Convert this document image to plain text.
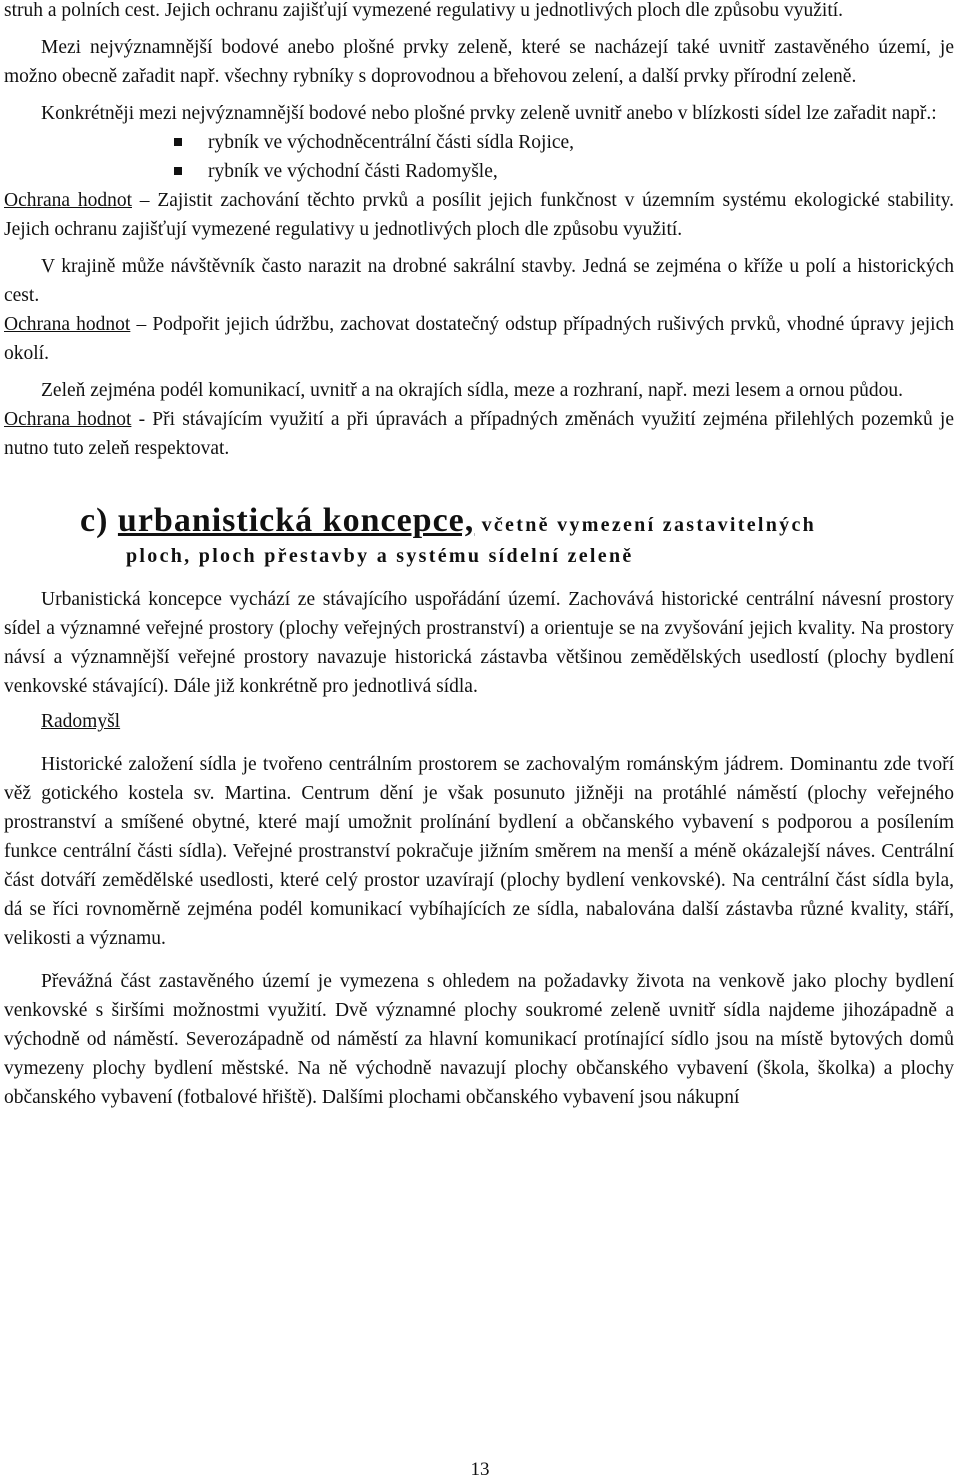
struh a polních cest. Jejich ochranu zajišťují vymezené regulativy u jednotlivých ploch dle způsobu využití.

Mezi nejvýznamnější bodové anebo plošné prvky zeleně, které se nacházejí také uvnitř zastavěného území, je možno obecně zařadit např. všechny rybníky s doprovodnou a břehovou zelení, a další prvky přírodní zeleně.

Konkrétněji mezi nejvýznamnější bodové nebo plošné prvky zeleně uvnitř anebo v blízkosti sídel lze zařadit např.:

rybník ve východněcentrální části sídla Rojice,
rybník ve východní části Radomyšle,

Ochrana hodnot – Zajistit zachování těchto prvků a posílit jejich funkčnost v územním systému ekologické stability. Jejich ochranu zajišťují vymezené regulativy u jednotlivých ploch dle způsobu využití.

V krajině může návštěvník často narazit na drobné sakrální stavby. Jedná se zejména o kříže u polí a historických cest.

Ochrana hodnot – Podpořit jejich údržbu, zachovat dostatečný odstup případných rušivých prvků, vhodné úpravy jejich okolí.

Zeleň zejména podél komunikací, uvnitř a na okrajích sídla, meze a rozhraní, např. mezi lesem a ornou půdou.

Ochrana hodnot - Při stávajícím využití a při úpravách a případných změnách využití zejména přilehlých pozemků je nutno tuto zeleň respektovat.

c) urbanistická koncepce, včetně vymezení zastavitelných
ploch, ploch přestavby a systému sídelní zeleně

Urbanistická koncepce vychází ze stávajícího uspořádání území. Zachovává historické centrální návesní prostory sídel a významné veřejné prostory (plochy veřejných prostranství) a orientuje se na zvyšování jejich kvality. Na prostory návsí a významnější veřejné prostory navazuje historická zástavba většinou zemědělských usedlostí (plochy bydlení venkovské stávající). Dále již konkrétně pro jednotlivá sídla.

Radomyšl

Historické založení sídla je tvořeno centrálním prostorem se zachovalým románským jádrem. Dominantu zde tvoří věž gotického kostela sv. Martina. Centrum dění je však posunuto jižněji na protáhlé náměstí (plochy veřejného prostranství a smíšené obytné, které mají umožnit prolínání bydlení a občanského vybavení s podporou a posílením funkce centrální části sídla). Veřejné prostranství pokračuje jižním směrem na menší a méně okázalejší náves. Centrální část dotváří zemědělské usedlosti, které celý prostor uzavírají (plochy bydlení venkovské). Na centrální část sídla byla, dá se říci rovnoměrně zejména podél komunikací vybíhajících ze sídla, nabalována další zástavba různé kvality, stáří, velikosti a významu.

Převážná část zastavěného území je vymezena s ohledem na požadavky života na venkově jako plochy bydlení venkovské s širšími možnostmi využití. Dvě významné plochy soukromé zeleně uvnitř sídla najdeme jihozápadně a východně od náměstí. Severozápadně od náměstí za hlavní komunikací protínající sídlo jsou na místě bytových domů vymezeny plochy bydlení městské. Na ně východně navazují plochy občanského vybavení (škola, školka) a plochy občanského vybavení (fotbalové hřiště). Dalšími plochami občanského vybavení jsou nákupní

13
